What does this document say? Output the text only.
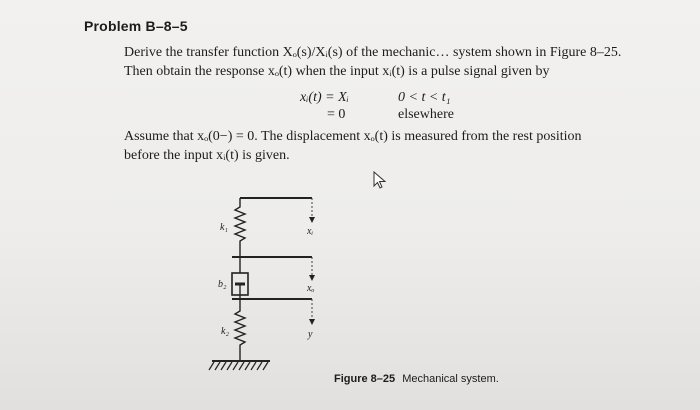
Problem B–8–5
Derive the transfer function Xₒ(s)/Xᵢ(s) of the mechanic… system shown in Figure 8–25.
Then obtain the response xₒ(t) when the input xᵢ(t) is a pulse signal given by
xᵢ(t) = Xᵢ	0 < t < t₁
= 0	elsewhere
Assume that xₒ(0−) = 0. The displacement xₒ(t) is measured from the rest position
before the input xᵢ(t) is given.
k₁
b₂
k₂
xᵢ
xₒ
y
Figure 8–25 Mechanical system.
